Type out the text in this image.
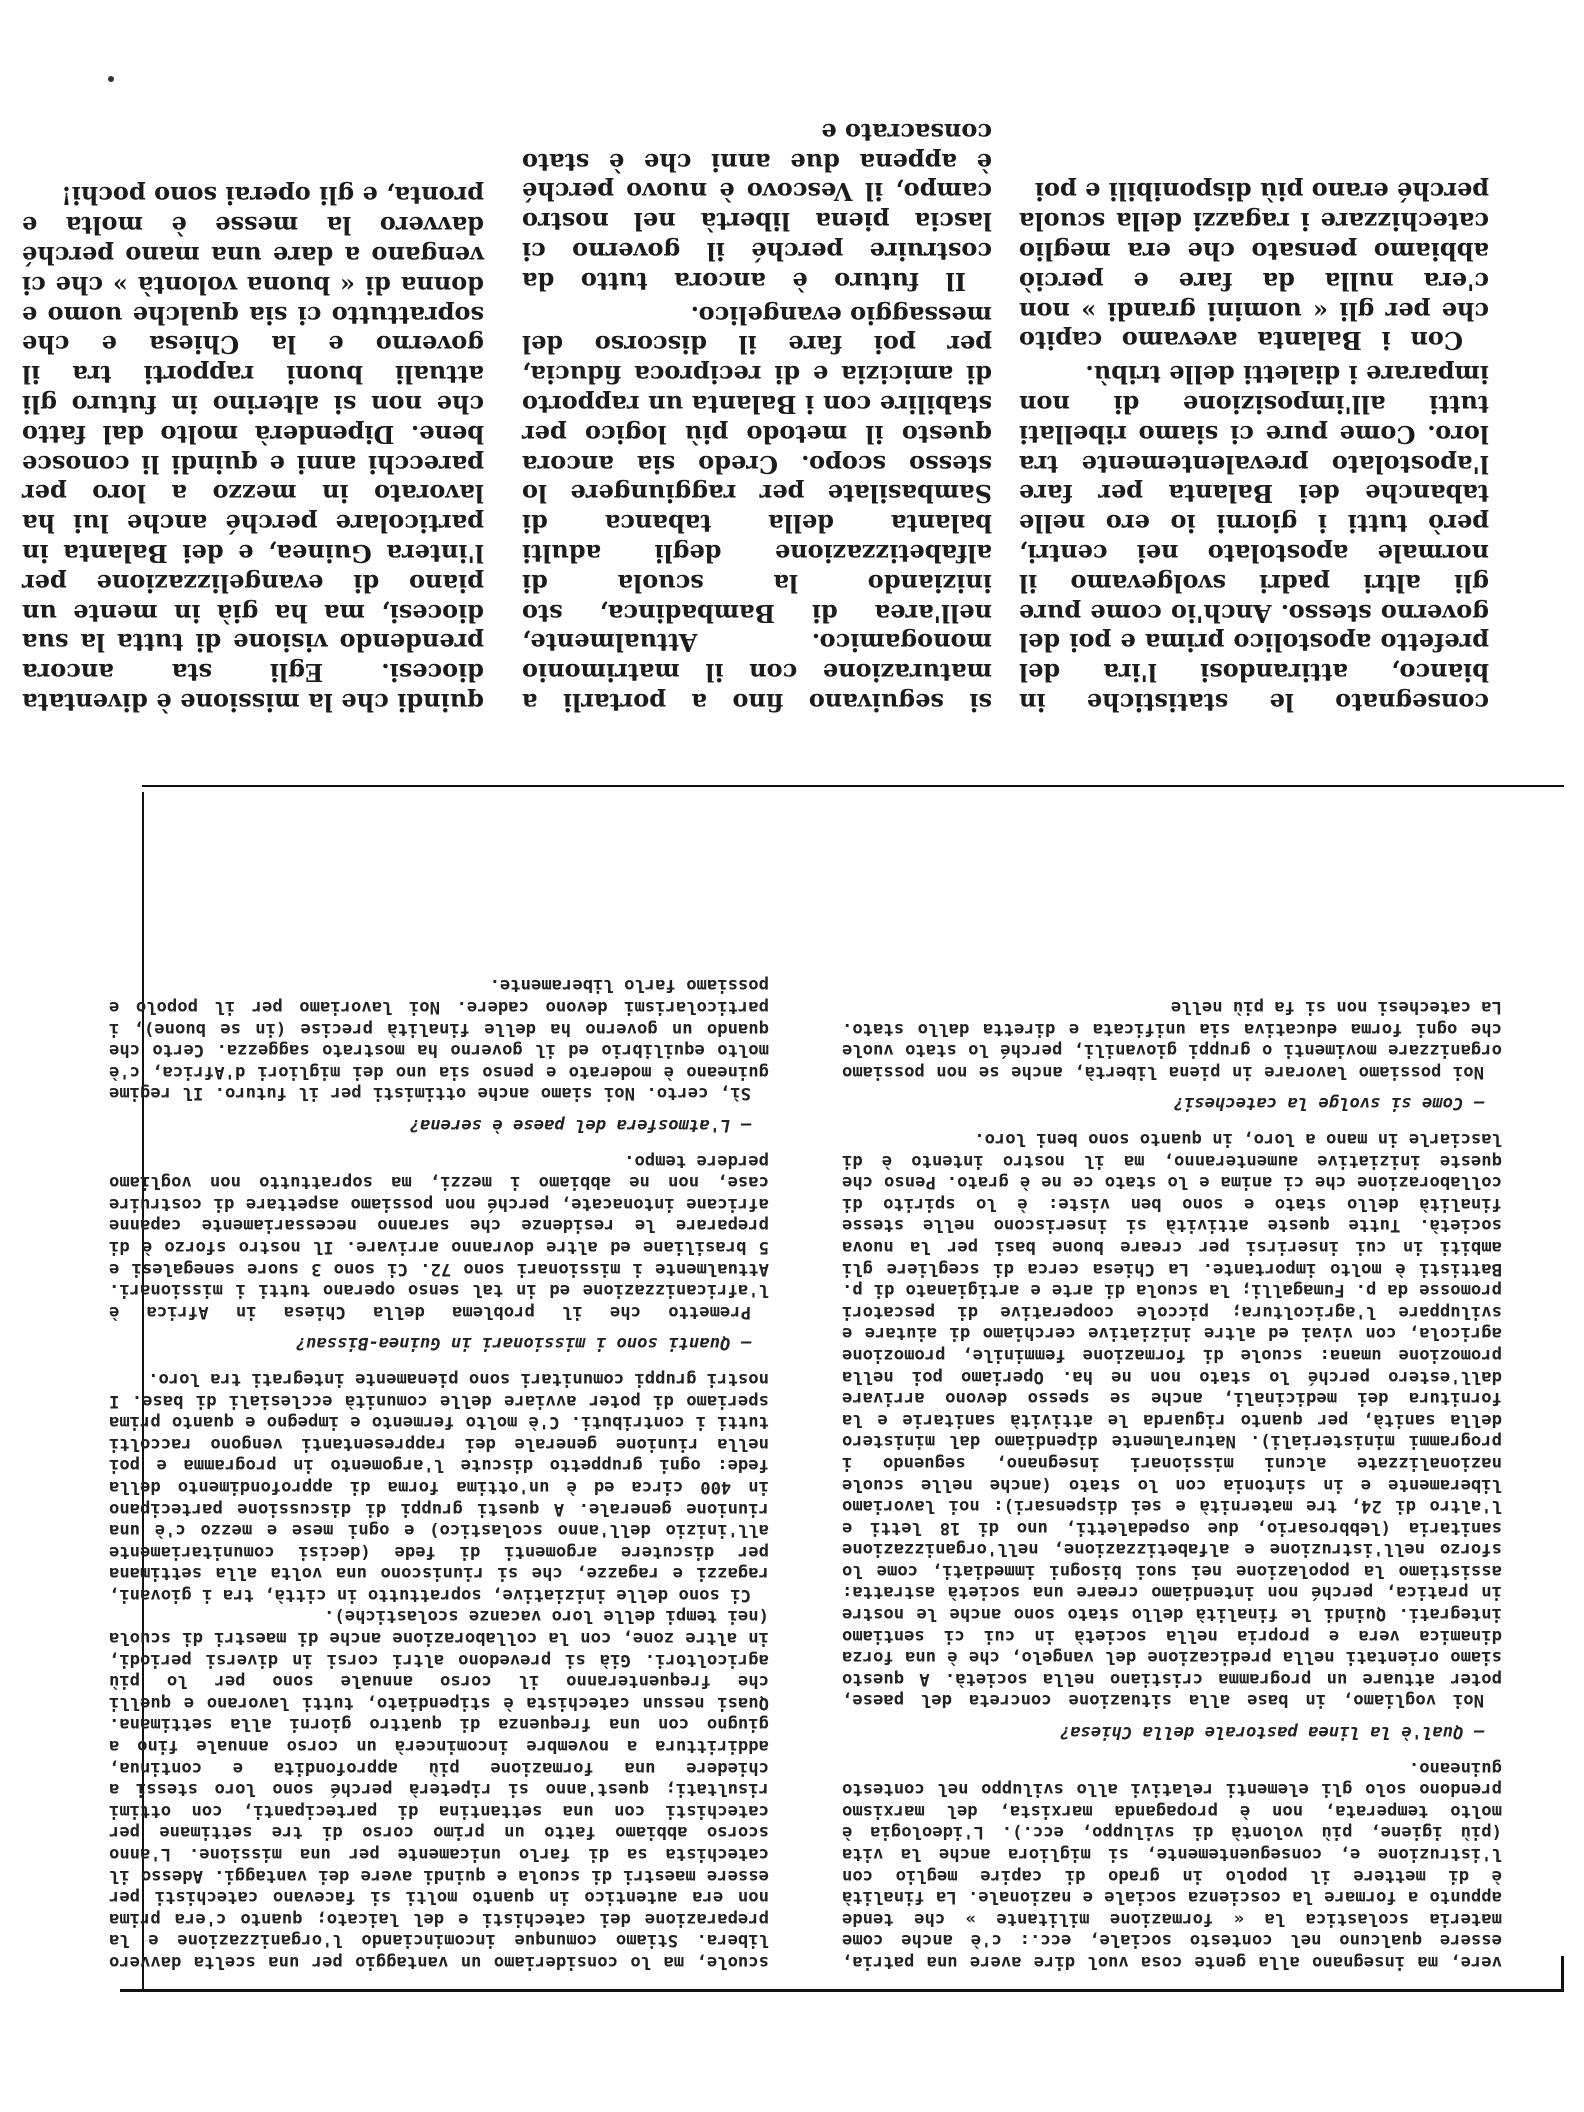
vere, ma insegnano alla gente cosa vuol dire avere una patria, essere qualcuno nel contesto sociale, ecc.: c'è anche come materia scolastica la « formazione militante » che tende appunto a formare la coscienza sociale e nazionale. La finalità è di mettere il popolo in grado di capire meglio con l'istruzione e, conseguentemente, si migliora anche la vita (più igiene, più volontà di sviluppo, ecc.). L'ideologia è molto temperata, non è propaganda marxista, del marxismo prendono solo gli elementi relativi allo sviluppo nel contesto guineano.

— Qual'è la linea pastorale della Chiesa?

Noi vogliamo, in base alla situazione concreta del paese, poter attuare un programma cristiano nella società. A questo siamo orientati nella predicazione del vangelo, che è una forza dinamica vera e propria nella società in cui ci sentiamo integrati. Quindi le finalità dello stato sono anche le nostre in pratica, perché non intendiamo creare una società astratta: assistiamo la popolazione nei suoi bisogni immediati, come lo sforzo nell'istruzione e alfabetizzazione, nell'organizzazione sanitaria (lebbrosario, due ospedaletti, uno di 18 letti e l'altro di 24, tre maternità e sei dispensari): noi lavoriamo liberamente e in sintonia con lo stato (anche nelle scuole nazionalizzate alcuni missionari insegnano, seguendo i programmi ministeriali). Naturalmente dipendiamo dal ministero della sanità, per quanto riguarda le attività sanitarie e la fornitura dei medicinali, anche se spesso devono arrivare dall'estero perché lo stato non ne ha. Operiamo poi nella promozione umana: scuole di formazione femminile, promozione agricola, con vivai ed altre iniziative cerchiamo di aiutare e sviluppare l'agricoltura; piccole cooperative di pescatori promosse da p. Fumagalli; la scuola di arte e artigianato di p. Battisti è molto importante. La Chiesa cerca di scegliere gli ambiti in cui inserirsi per creare buone basi per la nuova società. Tutte queste attività si inseriscono nelle stesse finalità dello stato e sono ben viste: è lo spirito di collaborazione che ci anima e lo stato ce ne è grato. Penso che queste iniziative aumenteranno, ma il nostro intento è di lasciarle in mano a loro, in quanto sono beni loro.

— Come si svolge la catechesi?

Noi possiamo lavorare in piena libertà, anche se non possiamo organizzare movimenti o gruppi giovanili, perché lo stato vuole che ogni forma educativa sia unificata e diretta dallo stato. La catechesi non si fa più nelle

scuole, ma lo consideriamo un vantaggio per una scelta davvero libera. Stiamo comunque incominciando l'organizzazione e la preparazione dei catechisti e del laicato; quanto c'era prima non era autentico in quanto molti si facevano catechisti per essere maestri di scuola e quindi avere dei vantaggi. Adesso il catechista sa di farlo unicamente per una missione. L'anno scorso abbiamo fatto un primo corso di tre settimane per catechisti con una settantina di partecipanti, con ottimi risultati; quest'anno si ripeterà perché sono loro stessi a chiedere una formazione più approfondita e continua, addirittura a novembre incomincerà un corso annuale fino a giugno con una frequenza di quattro giorni alla settimana. Quasi nessun catechista è stipendiato, tutti lavorano e quelli che frequenteranno il corso annuale sono per lo più agricoltori. Già si prevedono altri corsi in diversi periodi, in altre zone, con la collaborazione anche di maestri di scuola (nei tempi delle loro vacanze scolastiche).

Ci sono delle iniziative, soprattutto in città, tra i giovani, ragazzi e ragazze, che si riuniscono una volta alla settimana per discutere argomenti di fede (decisi comunitariamente all'inizio dell'anno scolastico) e ogni mese e mezzo c'è una riunione generale. A questi gruppi di discussione partecipano in 400 circa ed è un'ottima forma di approfondimento della fede: ogni gruppetto discute l'argomento in programma e poi nella riunione generale dei rappresentanti vengono raccolti tutti i contributi. C'è molto fermento e impegno e quanto prima speriamo di poter avviare delle comunità ecclesiali di base. I nostri gruppi comunitari sono pienamente integrati tra loro.

— Quanti sono i missionari in Guinea-Bissau?

Premetto che il problema della Chiesa in Africa è l'africanizzazione ed in tal senso operano tutti i missionari. Attualmente i missionari sono 72. Ci sono 3 suore senegalesi e 5 brasiliane ed altre dovranno arrivare. Il nostro sforzo è di preparare le residenze che saranno necessariamente capanne africane intonacate, perché non possiamo aspettare di costruire case, non ne abbiamo i mezzi, ma soprattutto non vogliamo perdere tempo.

— L'atmosfera del paese è serena?

Sì, certo. Noi siamo anche ottimisti per il futuro. Il regime guineano è moderato e penso sia uno dei migliori d'Africa, c'è molto equilibrio ed il governo ha mostrato saggezza. Certo che quando un governo ha delle finalità precise (in se buone), i particolarismi devono cadere. Noi lavoriamo per il popolo e possiamo farlo liberamente.

consegnato le statistiche in bianco, attirandosi l'ira del prefetto apostolico prima e poi del governo stesso. Anch'io come pure gli altri padri svolgevamo il normale apostolato nei centri, però tutti i giorni io ero nelle tabanche dei Balanta per fare l'apostolato prevalentemente tra loro. Come pure ci siamo ribellati tutti all'imposizione di non imparare i dialetti delle tribù.

Con i Balanta avevamo capito che per gli « uomini grandi » non c'era nulla da fare e perciò abbiamo pensato che era meglio catechizzare i ragazzi della scuola perché erano più disponibili e poi

si seguivano fino a portarli a maturazione con il matrimonio monogamico. Attualmente, nell'area di Bambadinca, sto iniziando la scuola di alfabetizzazione degli adulti balanta della tabanca di Sambasilate per raggiungere lo stesso scopo. Credo sia ancora questo il metodo più logico per stabilire con i Balanta un rapporto di amicizia e di reciproca fiducia, per poi fare il discorso del messaggio evangelico.

Il futuro è ancora tutto da costruire perché il governo ci lascia piena libertà nel nostro campo, il Vescovo è nuovo perché è appena due anni che è stato consacrato e

quindi che la missione è diventata diocesi. Egli sta ancora prendendo visione di tutta la sua diocesi, ma ha già in mente un piano di evangelizzazione per l'intera Guinea, e dei Balanta in particolare perché anche lui ha lavorato in mezzo a loro per parecchi anni e quindi li conosce bene. Dipenderà molto dal fatto che non si alterino in futuro gli attuali buoni rapporti tra il governo e la Chiesa e che soprattutto ci sia qualche uomo e donna di « buona volontà » che ci vengano a dare una mano perché davvero la messe è molta e pronta, e gli operai sono pochi!
